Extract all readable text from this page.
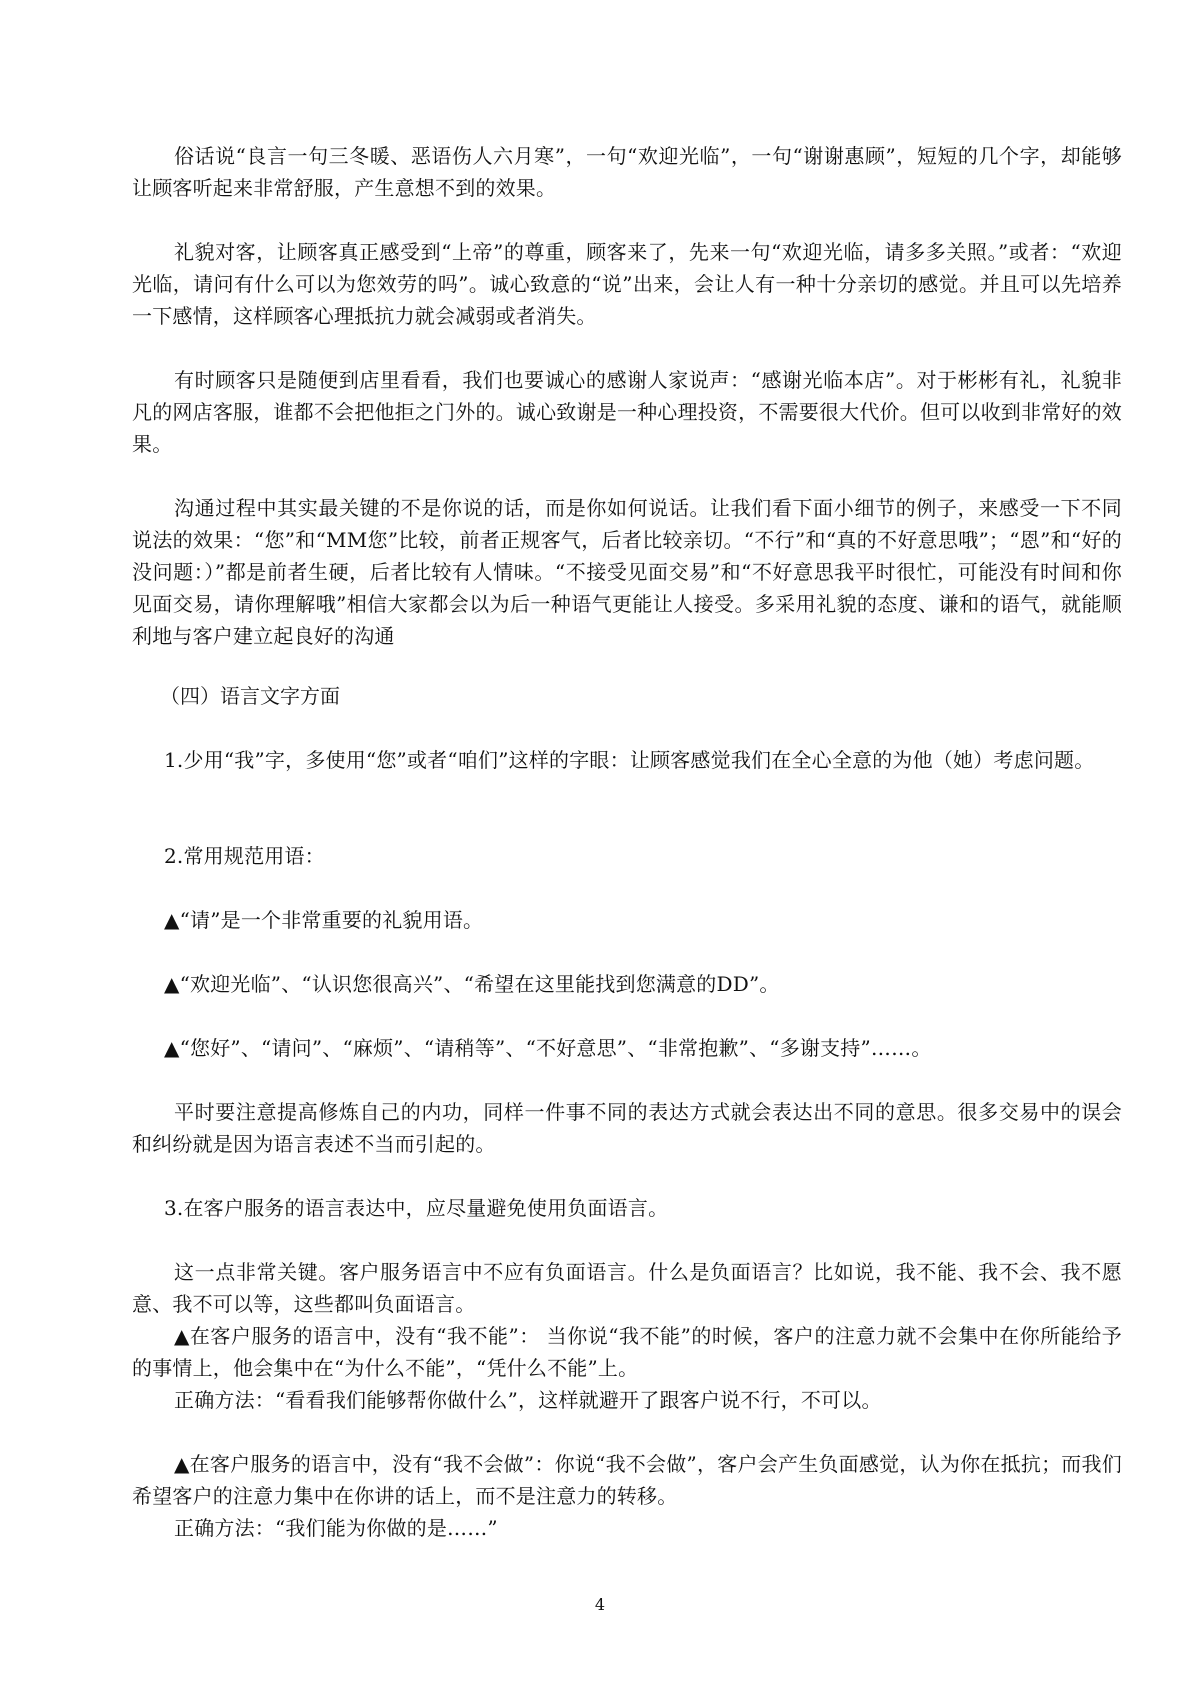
俗话说“良言一句三冬暖、恶语伤人六月寒”，一句“欢迎光临”，一句“谢谢惠顾”，短短的几个字，却能够让顾客听起来非常舒服，产生意想不到的效果。

礼貌对客，让顾客真正感受到“上帝”的尊重，顾客来了，先来一句“欢迎光临，请多多关照。”或者：“欢迎光临，请问有什么可以为您效劳的吗”。诚心致意的“说”出来，会让人有一种十分亲切的感觉。并且可以先培养一下感情，这样顾客心理抵抗力就会减弱或者消失。

有时顾客只是随便到店里看看，我们也要诚心的感谢人家说声：“感谢光临本店”。对于彬彬有礼，礼貌非凡的网店客服，谁都不会把他拒之门外的。诚心致谢是一种心理投资，不需要很大代价。但可以收到非常好的效果。

沟通过程中其实最关键的不是你说的话，而是你如何说话。让我们看下面小细节的例子，来感受一下不同说法的效果：“您”和“MM您”比较，前者正规客气，后者比较亲切。“不行”和“真的不好意思哦”；“恩”和“好的没问题：）”都是前者生硬，后者比较有人情味。“不接受见面交易”和“不好意思我平时很忙，可能没有时间和你见面交易，请你理解哦”相信大家都会以为后一种语气更能让人接受。多采用礼貌的态度、谦和的语气，就能顺利地与客户建立起良好的沟通

（四）语言文字方面

1.少用“我”字，多使用“您”或者“咱们”这样的字眼：让顾客感觉我们在全心全意的为他（她）考虑问题。

2.常用规范用语：

▲“请”是一个非常重要的礼貌用语。

▲“欢迎光临”、“认识您很高兴”、“希望在这里能找到您满意的DD”。

▲“您好”、“请问”、“麻烦”、“请稍等”、“不好意思”、“非常抱歉”、“多谢支持”……。

平时要注意提高修炼自己的内功，同样一件事不同的表达方式就会表达出不同的意思。很多交易中的误会和纠纷就是因为语言表述不当而引起的。

3.在客户服务的语言表达中，应尽量避免使用负面语言。

这一点非常关键。客户服务语言中不应有负面语言。什么是负面语言？比如说，我不能、我不会、我不愿意、我不可以等，这些都叫负面语言。

▲在客户服务的语言中，没有“我不能”： 当你说“我不能”的时候，客户的注意力就不会集中在你所能给予的事情上，他会集中在“为什么不能”，“凭什么不能”上。

正确方法：“看看我们能够帮你做什么”，这样就避开了跟客户说不行，不可以。

▲在客户服务的语言中，没有“我不会做”：你说“我不会做”，客户会产生负面感觉，认为你在抵抗；而我们希望客户的注意力集中在你讲的话上，而不是注意力的转移。

正确方法：“我们能为你做的是……”

4
